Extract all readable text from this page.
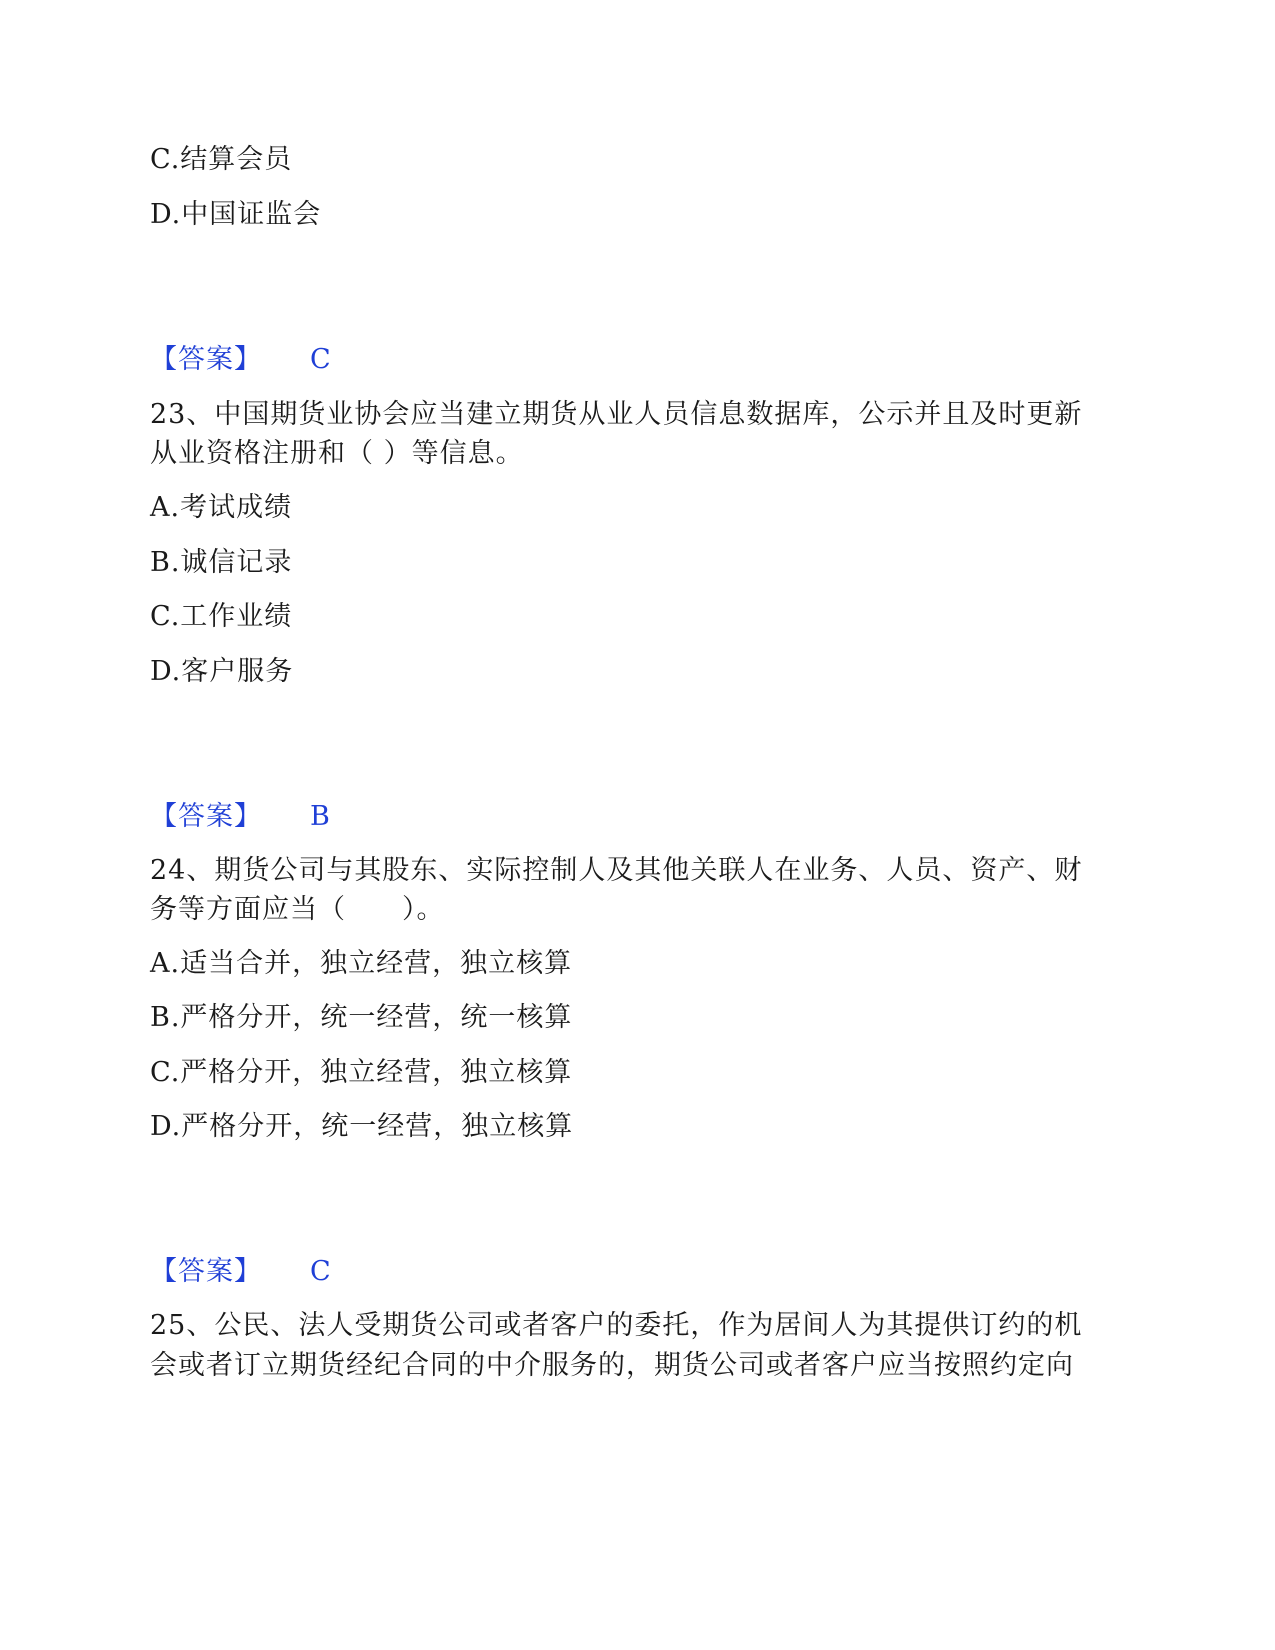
C.结算会员
D.中国证监会
【答案】 C
23、中国期货业协会应当建立期货从业人员信息数据库，公示并且及时更新
从业资格注册和（ ）等信息。
A.考试成绩
B.诚信记录
C.工作业绩
D.客户服务
【答案】 B
24、期货公司与其股东、实际控制人及其他关联人在业务、人员、资产、财
务等方面应当（　　）。
A.适当合并，独立经营，独立核算
B.严格分开，统一经营，统一核算
C.严格分开，独立经营，独立核算
D.严格分开，统一经营，独立核算
【答案】 C
25、公民、法人受期货公司或者客户的委托，作为居间人为其提供订约的机
会或者订立期货经纪合同的中介服务的，期货公司或者客户应当按照约定向
